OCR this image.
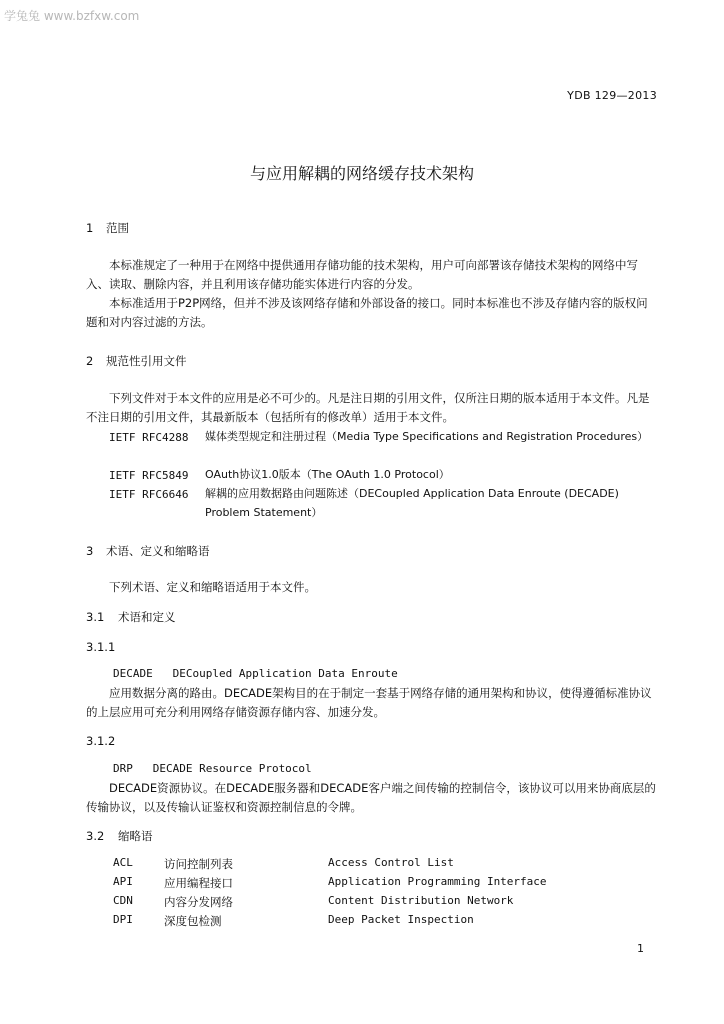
学兔兔 www.bzfxw.com
YDB 129—2013
与应用解耦的网络缓存技术架构
1 范围
本标准规定了一种用于在网络中提供通用存储功能的技术架构，用户可向部署该存储技术架构的网络中写入、读取、删除内容，并且利用该存储功能实体进行内容的分发。
本标准适用于P2P网络，但并不涉及该网络存储和外部设备的接口。同时本标准也不涉及存储内容的版权问题和对内容过滤的方法。
2 规范性引用文件
下列文件对于本文件的应用是必不可少的。凡是注日期的引用文件，仅所注日期的版本适用于本文件。凡是不注日期的引用文件，其最新版本（包括所有的修改单）适用于本文件。
IETF RFC4288 媒体类型规定和注册过程（Media Type Specifications and Registration Procedures）
IETF RFC5849 OAuth协议1.0版本（The OAuth 1.0 Protocol）
IETF RFC6646 解耦的应用数据路由问题陈述（DECoupled Application Data Enroute (DECADE) Problem Statement）
3 术语、定义和缩略语
下列术语、定义和缩略语适用于本文件。
3.1 术语和定义
3.1.1
DECADE   DECoupled Application Data Enroute
应用数据分离的路由。DECADE架构目的在于制定一套基于网络存储的通用架构和协议，使得遵循标准协议的上层应用可充分利用网络存储资源存储内容、加速分发。
3.1.2
DRP   DECADE Resource Protocol
DECADE资源协议。在DECADE服务器和DECADE客户端之间传输的控制信令，该协议可以用来协商底层的传输协议，以及传输认证鉴权和资源控制信息的令牌。
3.2 缩略语
ACL	访问控制列表	Access Control List
API	应用编程接口	Application Programming Interface
CDN	内容分发网络	Content Distribution Network
DPI	深度包检测	Deep Packet Inspection
1
